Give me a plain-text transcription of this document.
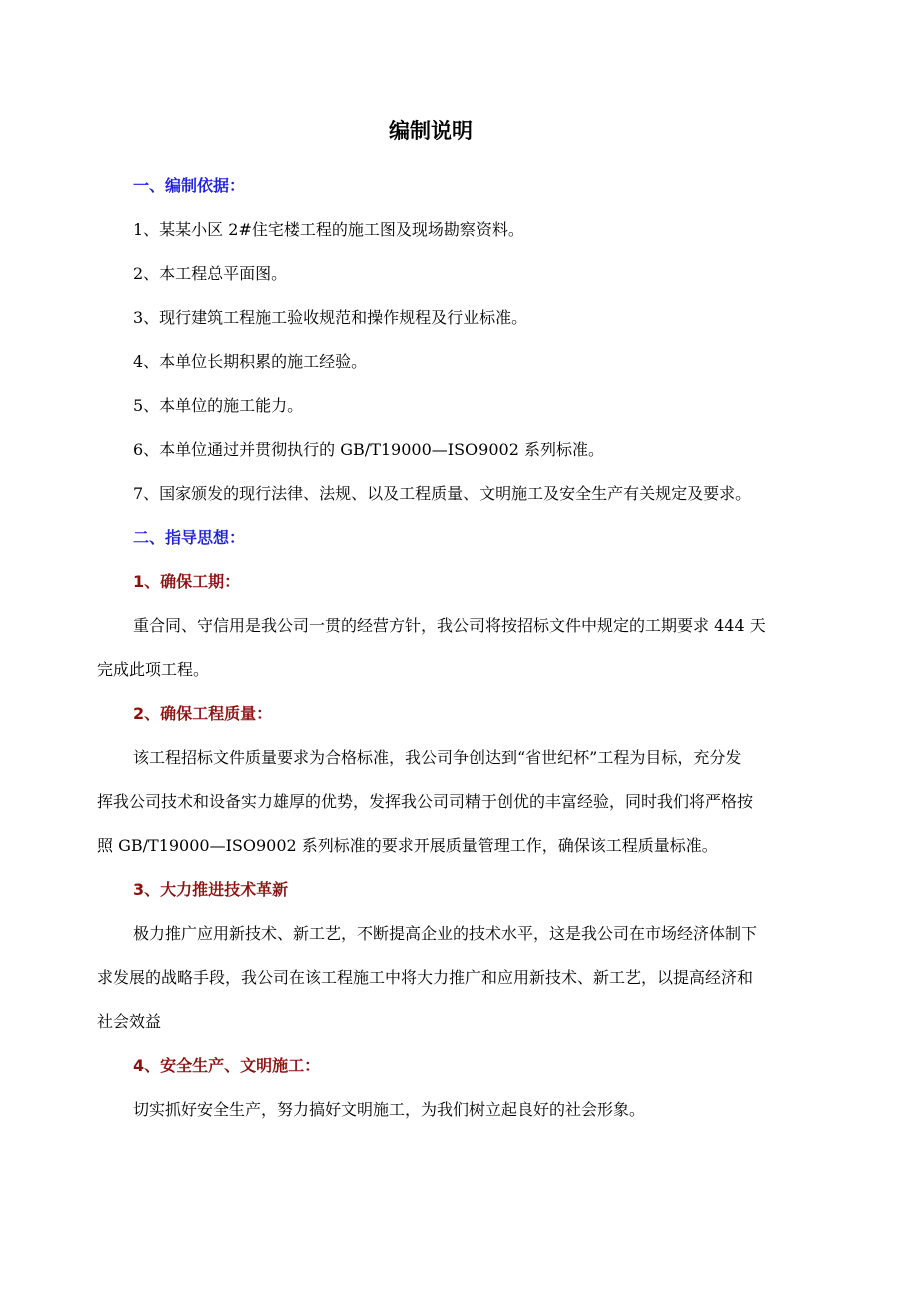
编制说明
一、编制依据：
1、某某小区 2#住宅楼工程的施工图及现场勘察资料。
2、本工程总平面图。
3、现行建筑工程施工验收规范和操作规程及行业标准。
4、本单位长期积累的施工经验。
5、本单位的施工能力。
6、本单位通过并贯彻执行的 GB/T19000—ISO9002 系列标准。
7、国家颁发的现行法律、法规、以及工程质量、文明施工及安全生产有关规定及要求。
二、指导思想：
1、确保工期：
重合同、守信用是我公司一贯的经营方针，我公司将按招标文件中规定的工期要求 444 天
完成此项工程。
2、确保工程质量：
该工程招标文件质量要求为合格标准，我公司争创达到“省世纪杯”工程为目标，充分发
挥我公司技术和设备实力雄厚的优势，发挥我公司司精于创优的丰富经验，同时我们将严格按
照 GB/T19000—ISO9002 系列标准的要求开展质量管理工作，确保该工程质量标准。
3、大力推进技术革新
极力推广应用新技术、新工艺，不断提高企业的技术水平，这是我公司在市场经济体制下
求发展的战略手段，我公司在该工程施工中将大力推广和应用新技术、新工艺，以提高经济和
社会效益
4、安全生产、文明施工：
切实抓好安全生产，努力搞好文明施工，为我们树立起良好的社会形象。
